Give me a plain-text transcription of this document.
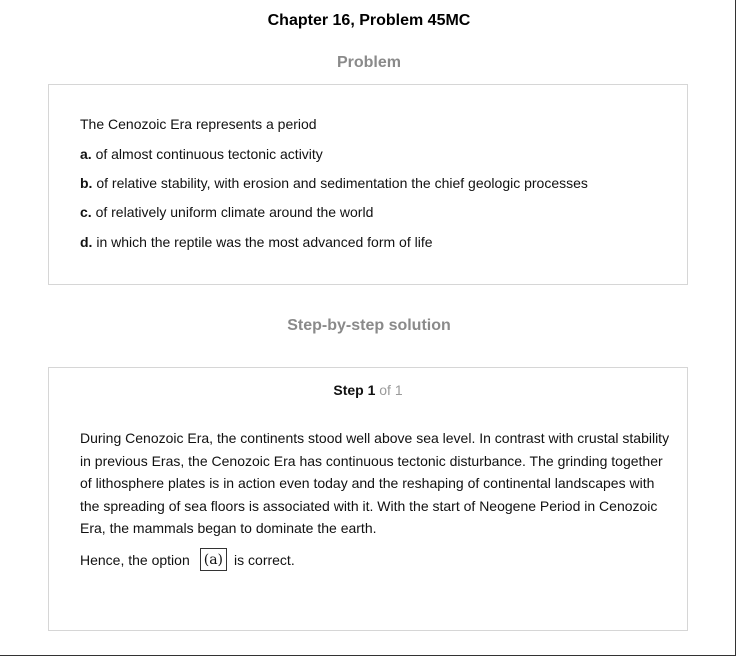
Chapter 16, Problem 45MC
Problem
The Cenozoic Era represents a period
a. of almost continuous tectonic activity
b. of relative stability, with erosion and sedimentation the chief geologic processes
c. of relatively uniform climate around the world
d. in which the reptile was the most advanced form of life
Step-by-step solution
Step 1 of 1
During Cenozoic Era, the continents stood well above sea level. In contrast with crustal stability in previous Eras, the Cenozoic Era has continuous tectonic disturbance. The grinding together of lithosphere plates is in action even today and the reshaping of continental landscapes with the spreading of sea floors is associated with it. With the start of Neogene Period in Cenozoic Era, the mammals began to dominate the earth.
Hence, the option (a) is correct.
